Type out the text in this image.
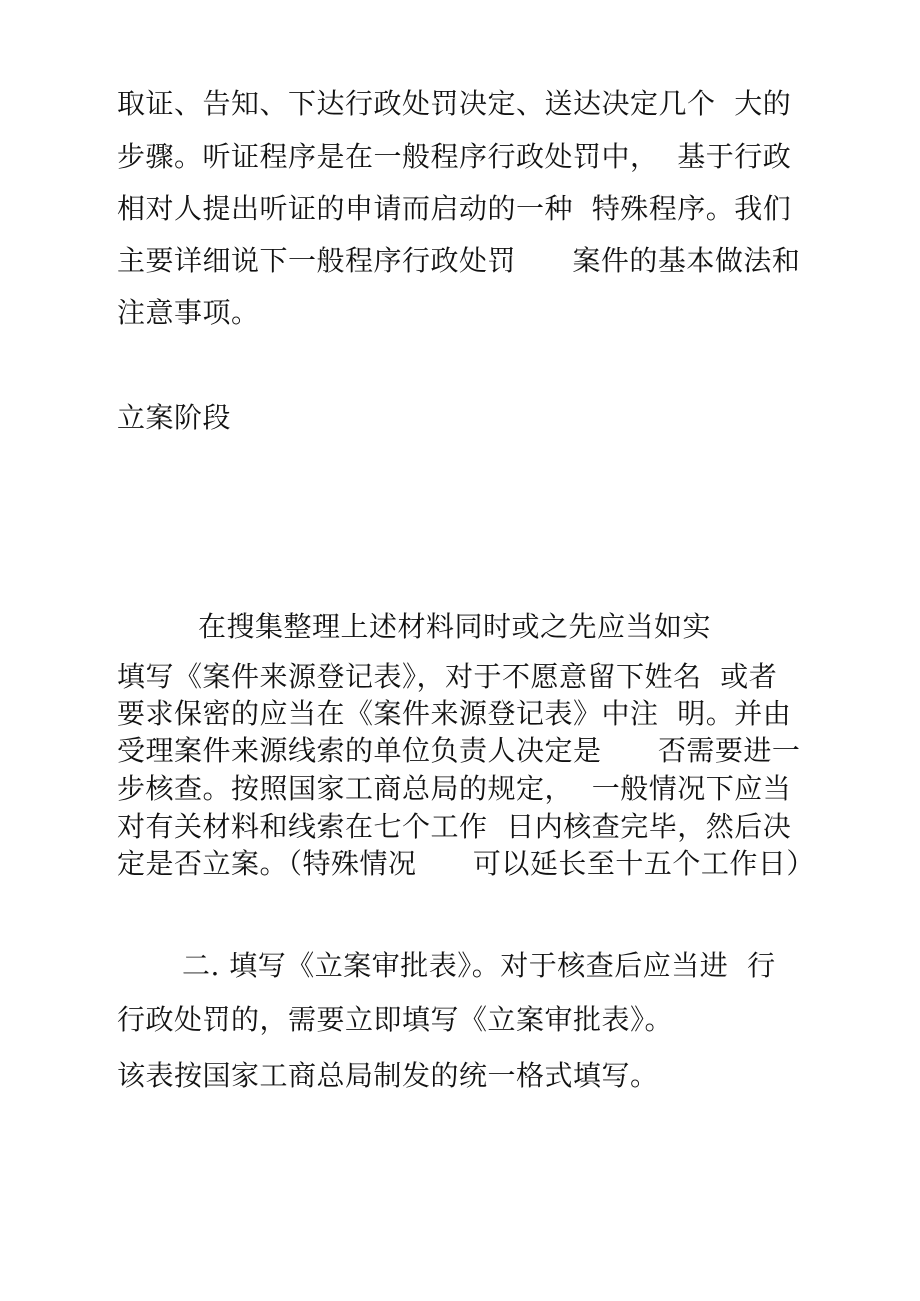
取证、告知、下达行政处罚决定、送达决定几个  大的
步骤。听证程序是在一般程序行政处罚中，  基于行政
相对人提出听证的申请而启动的一种  特殊程序。我们
主要详细说下一般程序行政处罚      案件的基本做法和
注意事项。
立案阶段
在搜集整理上述材料同时或之先应当如实
填写《案件来源登记表》，对于不愿意留下姓名  或者
要求保密的应当在《案件来源登记表》中注  明。并由
受理案件来源线索的单位负责人决定是      否需要进一
步核查。按照国家工商总局的规定，  一般情况下应当
对有关材料和线索在七个工作  日内核查完毕，然后决
定是否立案。（特殊情况      可以延长至十五个工作日）
二. 填写《立案审批表》。对于核查后应当进  行
行政处罚的，需要立即填写《立案审批表》。
该表按国家工商总局制发的统一格式填写。
